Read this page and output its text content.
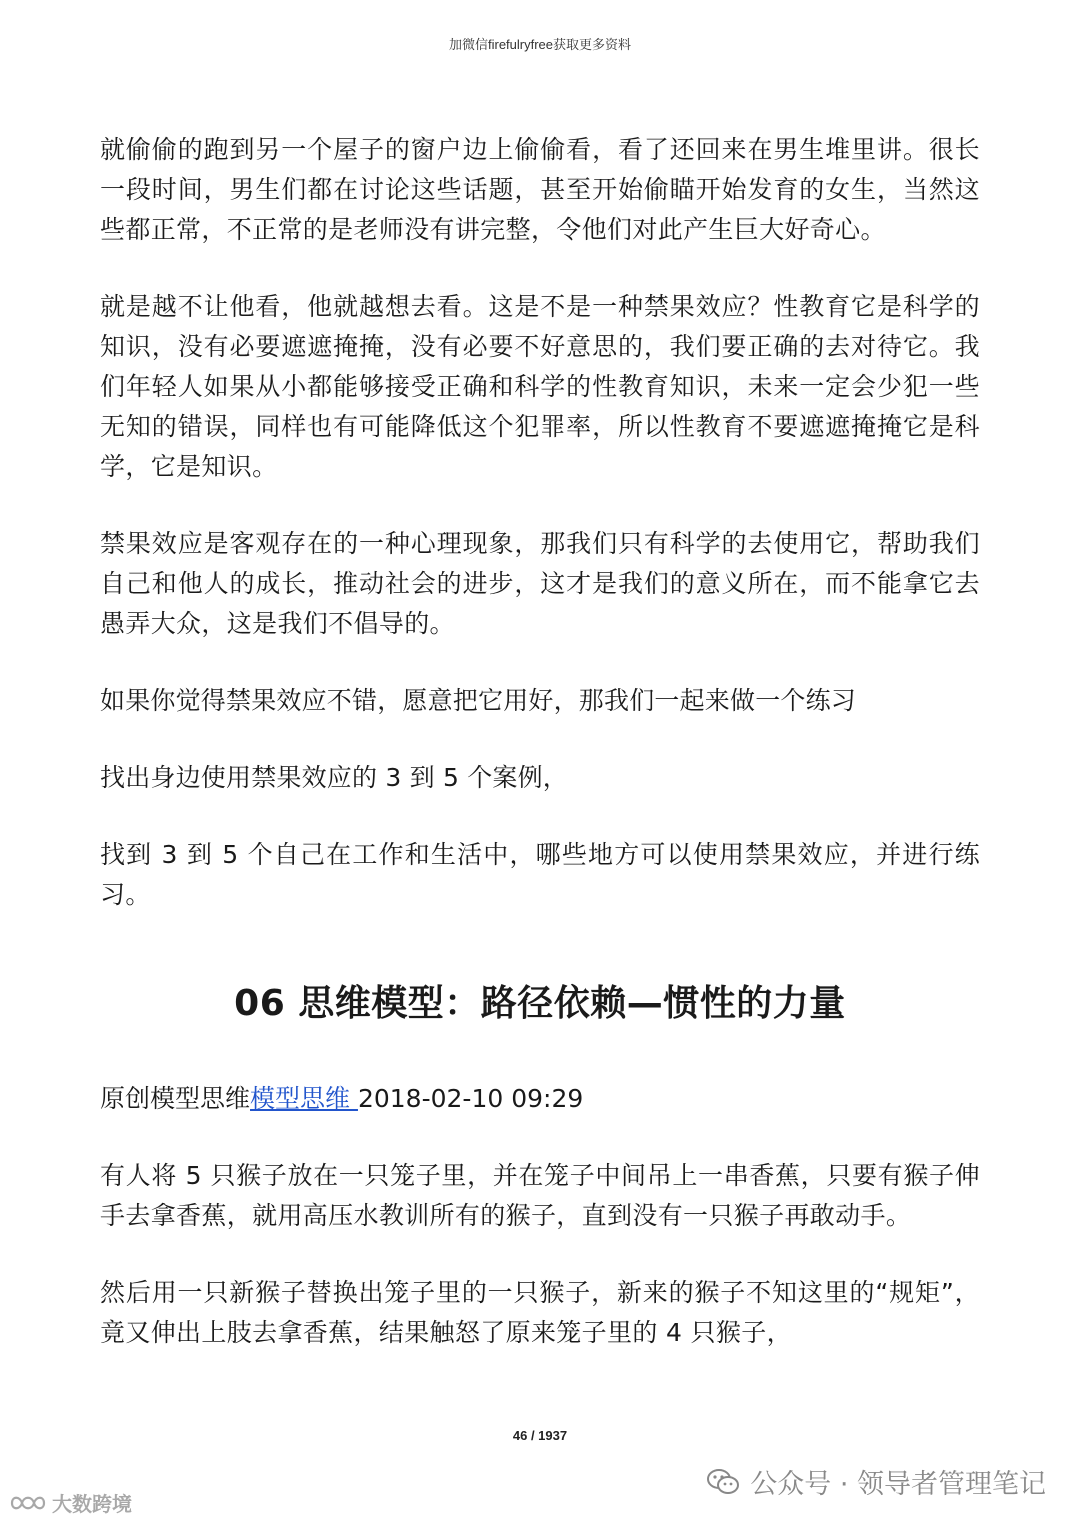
加微信fireful​ryfree获取更多资料

就偷偷的跑到另一个屋子的窗户边上偷偷看，看了还回来在男生堆里讲。很长一段时间，男生们都在讨论这些话题，甚至开始偷瞄开始发育的女生，当然这些都正常，不正常的是老师没有讲完整，令他们对此产生巨大好奇心。

就是越不让他看，他就越想去看。这是不是一种禁果效应？性教育它是科学的知识，没有必要遮遮掩掩，没有必要不好意思的，我们要正确的去对待它。我们年轻人如果从小都能够接受正确和科学的性教育知识，未来一定会少犯一些无知的错误，同样也有可能降低这个犯罪率，所以性教育不要遮遮掩掩它是科学，它是知识。

禁果效应是客观存在的一种心理现象，那我们只有科学的去使用它，帮助我们自己和他人的成长，推动社会的进步，这才是我们的意义所在，而不能拿它去愚弄大众，这是我们不倡导的。

如果你觉得禁果效应不错，愿意把它用好，那我们一起来做一个练习

找出身边使用禁果效应的 3 到 5 个案例，

找到 3 到 5 个自己在工作和生活中，哪些地方可以使用禁果效应，并进行练习。

06 思维模型：路径依赖—惯性的力量

原创模型思维模型思维 2018-02-10 09:29

有人将 5 只猴子放在一只笼子里，并在笼子中间吊上一串香蕉，只要有猴子伸手去拿香蕉，就用高压水教训所有的猴子，直到没有一只猴子再敢动手。

然后用一只新猴子替换出笼子里的一只猴子，新来的猴子不知这里的“规矩”，竟又伸出上肢去拿香蕉，结果触怒了原来笼子里的 4 只猴子，

46 / 1937
大数跨境
公众号 · 领导者管理笔记
